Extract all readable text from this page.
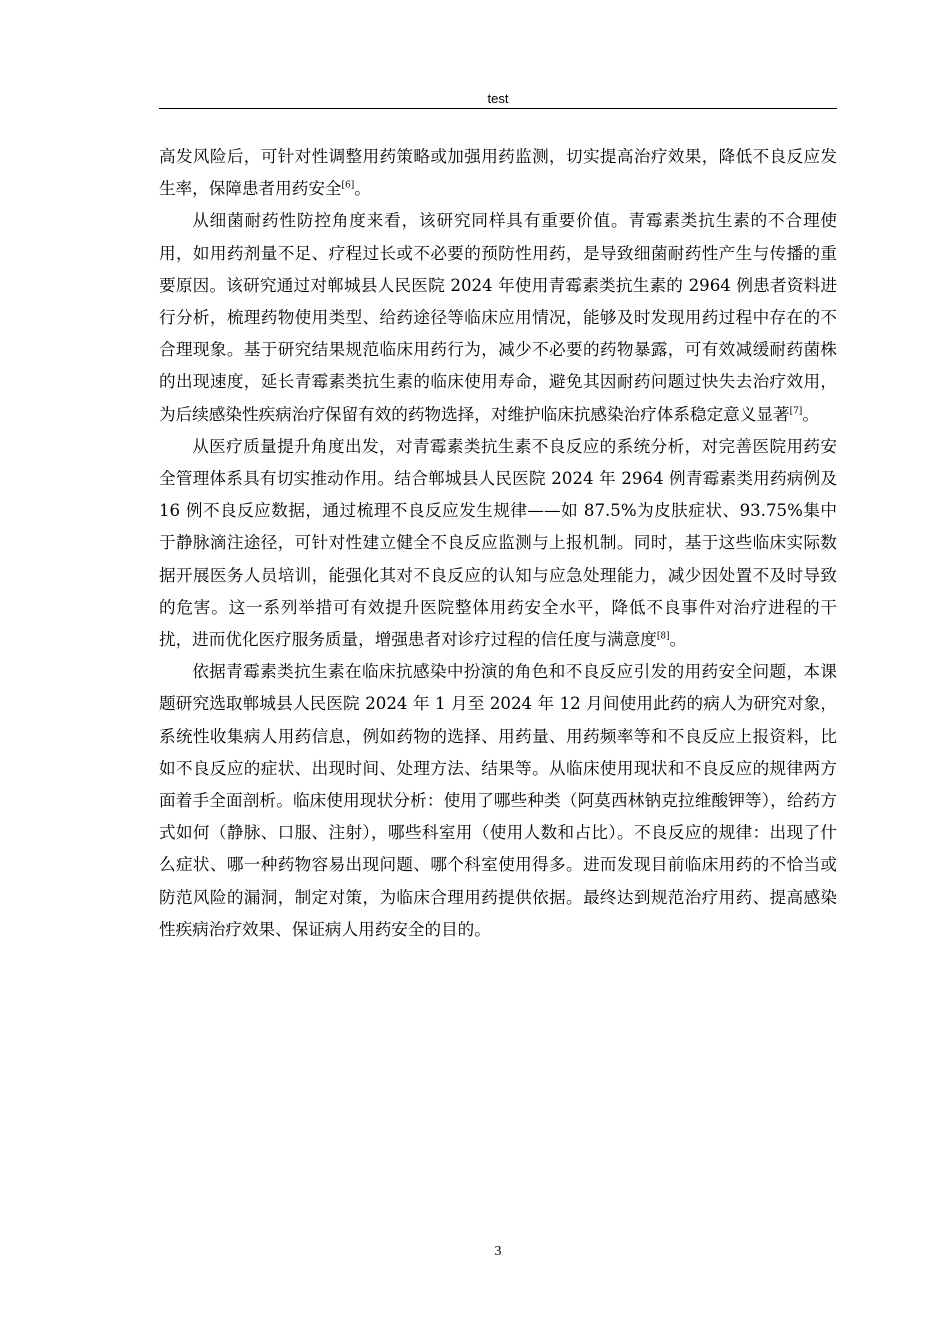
test

高发风险后，可针对性调整用药策略或加强用药监测，切实提高治疗效果，降低不良反应发生率，保障患者用药安全[6]。

从细菌耐药性防控角度来看，该研究同样具有重要价值。青霉素类抗生素的不合理使用，如用药剂量不足、疗程过长或不必要的预防性用药，是导致细菌耐药性产生与传播的重要原因。该研究通过对郸城县人民医院 2024 年使用青霉素类抗生素的 2964 例患者资料进行分析，梳理药物使用类型、给药途径等临床应用情况，能够及时发现用药过程中存在的不合理现象。基于研究结果规范临床用药行为，减少不必要的药物暴露，可有效减缓耐药菌株的出现速度，延长青霉素类抗生素的临床使用寿命，避免其因耐药问题过快失去治疗效用，为后续感染性疾病治疗保留有效的药物选择，对维护临床抗感染治疗体系稳定意义显著[7]。

从医疗质量提升角度出发，对青霉素类抗生素不良反应的系统分析，对完善医院用药安全管理体系具有切实推动作用。结合郸城县人民医院 2024 年 2964 例青霉素类用药病例及 16 例不良反应数据，通过梳理不良反应发生规律——如 87.5%为皮肤症状、93.75%集中于静脉滴注途径，可针对性建立健全不良反应监测与上报机制。同时，基于这些临床实际数据开展医务人员培训，能强化其对不良反应的认知与应急处理能力，减少因处置不及时导致的危害。这一系列举措可有效提升医院整体用药安全水平，降低不良事件对治疗进程的干扰，进而优化医疗服务质量，增强患者对诊疗过程的信任度与满意度[8]。

依据青霉素类抗生素在临床抗感染中扮演的角色和不良反应引发的用药安全问题，本课题研究选取郸城县人民医院 2024 年 1 月至 2024 年 12 月间使用此药的病人为研究对象，系统性收集病人用药信息，例如药物的选择、用药量、用药频率等和不良反应上报资料，比如不良反应的症状、出现时间、处理方法、结果等。从临床使用现状和不良反应的规律两方面着手全面剖析。临床使用现状分析：使用了哪些种类（阿莫西林钠克拉维酸钾等），给药方式如何（静脉、口服、注射），哪些科室用（使用人数和占比）。不良反应的规律：出现了什么症状、哪一种药物容易出现问题、哪个科室使用得多。进而发现目前临床用药的不恰当或防范风险的漏洞，制定对策，为临床合理用药提供依据。最终达到规范治疗用药、提高感染性疾病治疗效果、保证病人用药安全的目的。

3
